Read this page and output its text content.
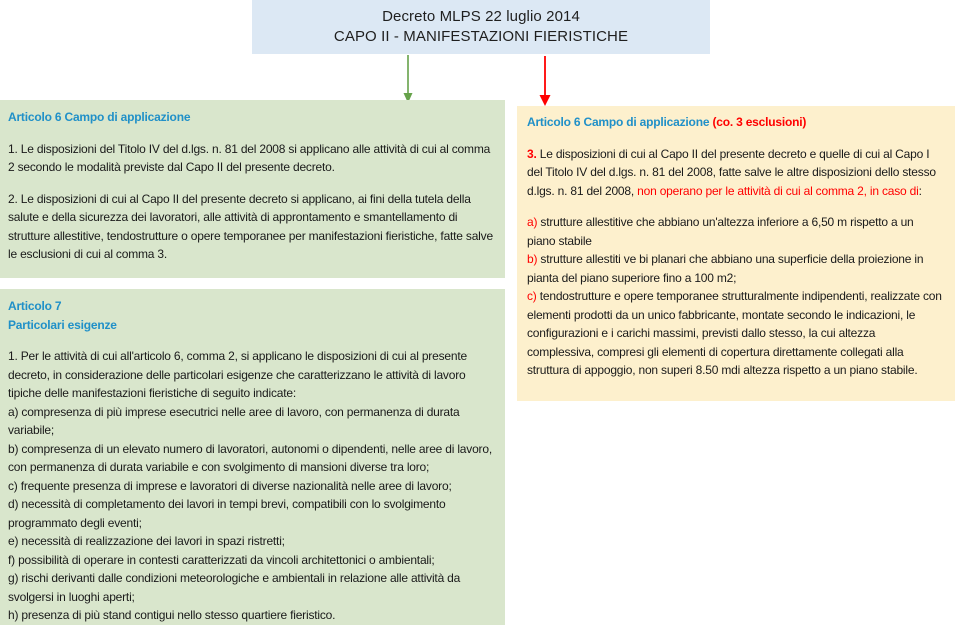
Decreto MLPS 22 luglio 2014
CAPO II - MANIFESTAZIONI FIERISTICHE
Articolo 6 Campo di applicazione

1. Le disposizioni del Titolo IV del d.lgs. n. 81 del 2008 si applicano alle attività di cui al comma 2 secondo le modalità previste dal Capo II del presente decreto.

2. Le disposizioni di cui al Capo II del presente decreto si applicano, ai fini della tutela della salute e della sicurezza dei lavoratori, alle attività di approntamento e smantellamento di strutture allestitive, tendostrutture o opere temporanee per manifestazioni fieristiche, fatte salve le esclusioni di cui al comma 3.

Articolo 7
Particolari esigenze

1. Per le attività di cui all'articolo 6, comma 2, si applicano le disposizioni di cui al presente decreto, in considerazione delle particolari esigenze che caratterizzano le attività di lavoro tipiche delle manifestazioni fieristiche di seguito indicate:

a) compresenza di più imprese esecutrici nelle aree di lavoro, con permanenza di durata variabile;

b) compresenza di un elevato numero di lavoratori, autonomi o dipendenti, nelle aree di lavoro, con permanenza di durata variabile e con svolgimento di mansioni diverse tra loro;

c) frequente presenza di imprese e lavoratori di diverse nazionalità nelle aree di lavoro;

d) necessità di completamento dei lavori in tempi brevi, compatibili con lo svolgimento programmato degli eventi;

e) necessità di realizzazione dei lavori in spazi ristretti;

f) possibilità di operare in contesti caratterizzati da vincoli architettonici o ambientali;

g) rischi derivanti dalle condizioni meteorologiche e ambientali in relazione alle attività da svolgersi in luoghi aperti;

h) presenza di più stand contigui nello stesso quartiere fieristico.

Articolo 6 Campo di applicazione (co. 3 esclusioni)

3. Le disposizioni di cui al Capo II del presente decreto e quelle di cui al Capo I del Titolo IV del d.lgs. n. 81 del 2008, fatte salve le altre disposizioni dello stesso d.lgs. n. 81 del 2008, non operano per le attività di cui al comma 2, in caso di:

a) strutture allestitive che abbiano un'altezza inferiore a 6,50 m rispetto a un piano stabile

b) strutture allestiti ve bi planari che abbiano una superficie della proiezione in pianta del piano superiore fino a 100 m2;

c) tendostrutture e opere temporanee strutturalmente indipendenti, realizzate con elementi prodotti da un unico fabbricante, montate secondo le indicazioni, le configurazioni e i carichi massimi, previsti dallo stesso, la cui altezza complessiva, compresi gli elementi di copertura direttamente collegati alla struttura di appoggio, non superi 8.50 mdi altezza rispetto a un piano stabile.
